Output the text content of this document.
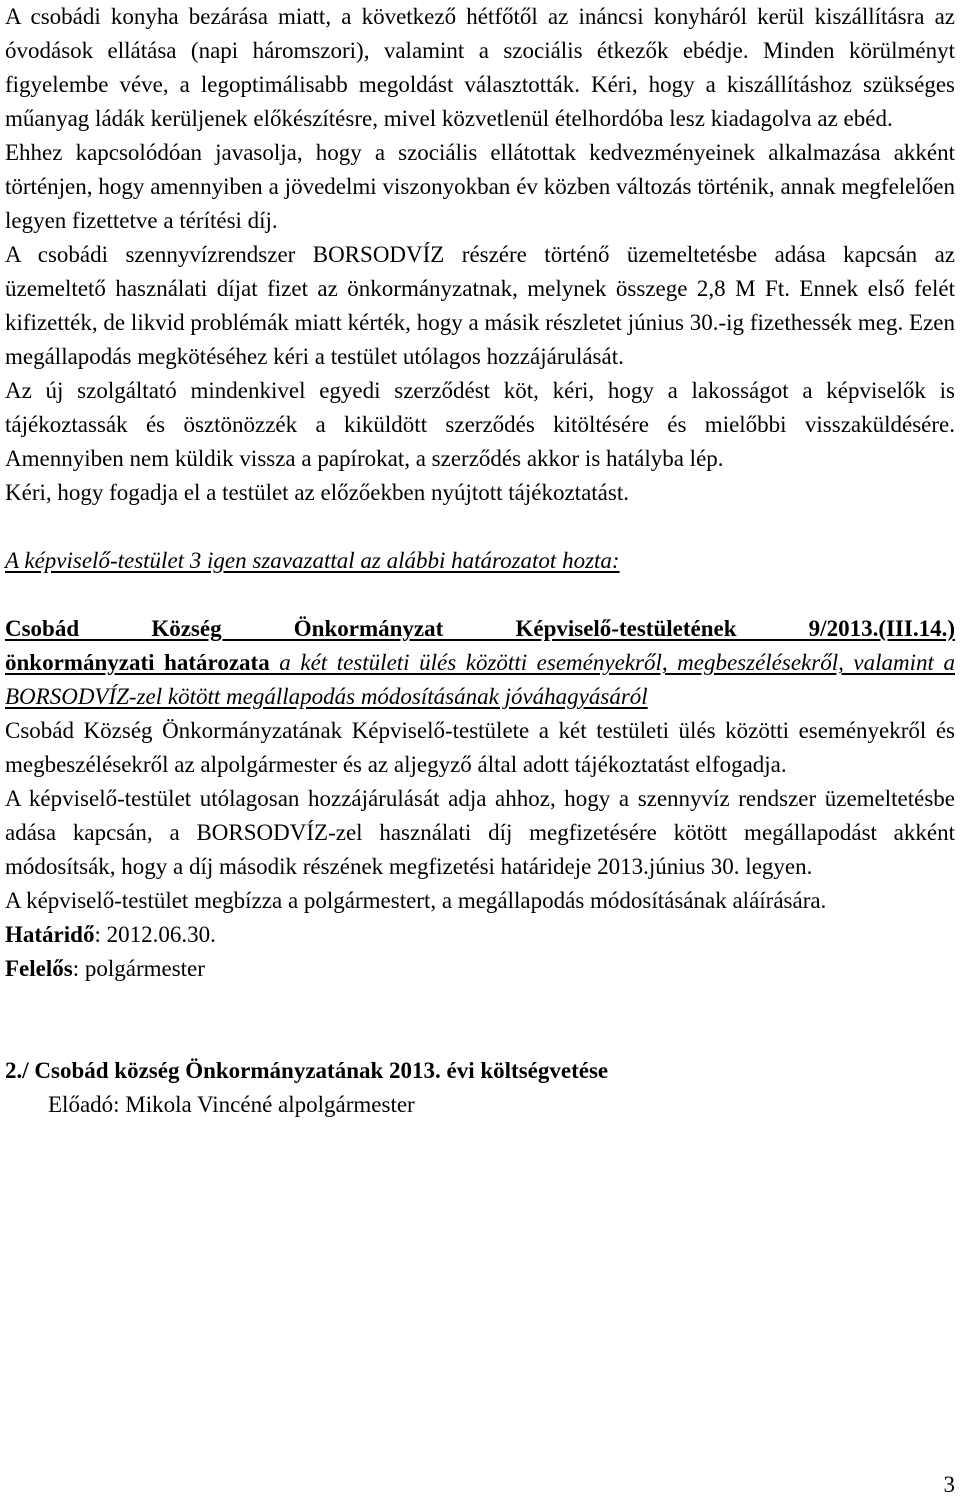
A csobádi konyha bezárása miatt, a következő hétfőtől az ináncsi konyháról kerül kiszállításra az óvodások ellátása (napi háromszori), valamint a szociális étkezők ebédje. Minden körülményt figyelembe véve, a legoptimálisabb megoldást választották. Kéri, hogy a kiszállításhoz szükséges műanyag ládák kerüljenek előkészítésre, mivel közvetlenül ételhordóba lesz kiadagolva az ebéd.

Ehhez kapcsolódóan javasolja, hogy a szociális ellátottak kedvezményeinek alkalmazása akként történjen, hogy amennyiben a jövedelmi viszonyokban év közben változás történik, annak megfelelően legyen fizettetve a térítési díj.

A csobádi szennyvízrendszer BORSODVÍZ részére történő üzemeltetésbe adása kapcsán az üzemeltető használati díjat fizet az önkormányzatnak, melynek összege 2,8 M Ft. Ennek első felét kifizették, de likvid problémák miatt kérték, hogy a másik részletet június 30.-ig fizethessék meg. Ezen megállapodás megkötéséhez kéri a testület utólagos hozzájárulását.

Az új szolgáltató mindenkivel egyedi szerződést köt, kéri, hogy a lakosságot a képviselők is tájékoztassák és ösztönözzék a kiküldött szerződés kitöltésére és mielőbbi visszaküldésére. Amennyiben nem küldik vissza a papírokat, a szerződés akkor is hatályba lép.

Kéri, hogy fogadja el a testület az előzőekben nyújtott tájékoztatást.

A képviselő-testület 3 igen szavazattal az alábbi határozatot hozta:

Csobád Község Önkormányzat Képviselő-testületének 9/2013.(III.14.)

önkormányzati határozata a két testületi ülés közötti eseményekről, megbeszélésekről, valamint a BORSODVÍZ-zel kötött megállapodás módosításának jóváhagyásáról

Csobád Község Önkormányzatának Képviselő-testülete a két testületi ülés közötti eseményekről és megbeszélésekről az alpolgármester és az aljegyző által adott tájékoztatást elfogadja.

A képviselő-testület utólagosan hozzájárulását adja ahhoz, hogy a szennyvíz rendszer üzemeltetésbe adása kapcsán, a BORSODVÍZ-zel használati díj megfizetésére kötött megállapodást akként módosítsák, hogy a díj második részének megfizetési határideje 2013.június 30. legyen.

A képviselő-testület megbízza a polgármestert, a megállapodás módosításának aláírására.

Határidő: 2012.06.30.

Felelős: polgármester

2./ Csobád község Önkormányzatának 2013. évi költségvetése

Előadó: Mikola Vincéné alpolgármester

3
